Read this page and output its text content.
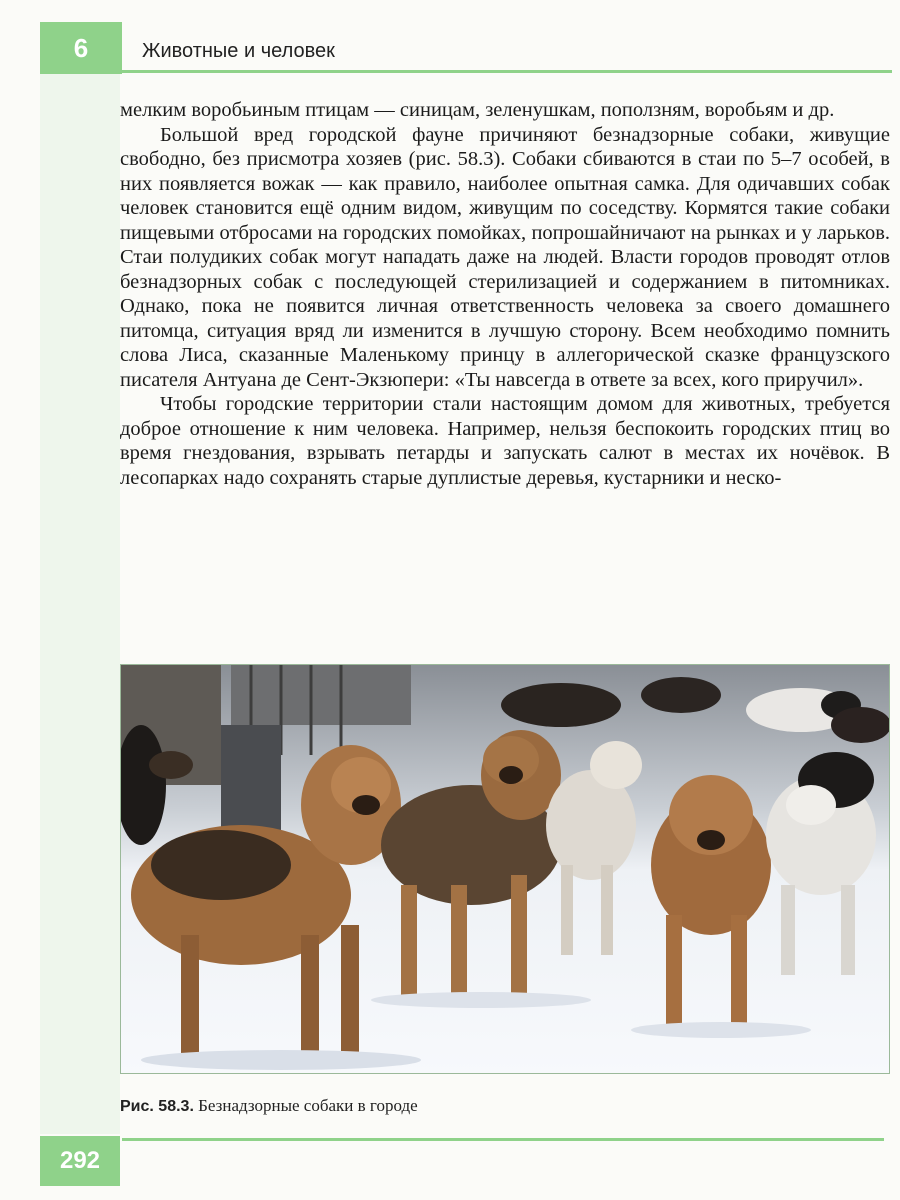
6	Животные и человек

мелким воробьиным птицам — синицам, зеленушкам, поползням, воробьям и др.

Большой вред городской фауне причиняют безнадзорные собаки, живущие свободно, без присмотра хозяев (рис. 58.3). Собаки сбиваются в стаи по 5–7 особей, в них появляется вожак — как правило, наиболее опытная самка. Для одичавших собак человек становится ещё одним видом, живущим по соседству. Кормятся такие собаки пищевыми отбросами на городских помойках, попрошайничают на рынках и у ларьков. Стаи полудиких собак могут нападать даже на людей. Власти городов проводят отлов безнадзорных собак с последующей стерилизацией и содержанием в питомниках. Однако, пока не появится личная ответственность человека за своего домашнего питомца, ситуация вряд ли изменится в лучшую сторону. Всем необходимо помнить слова Лиса, сказанные Маленькому принцу в аллегорической сказке французского писателя Антуана де Сент-Экзюпери: «Ты навсегда в ответе за всех, кого приручил».

Чтобы городские территории стали настоящим домом для животных, требуется доброе отношение к ним человека. Например, нельзя беспокоить городских птиц во время гнездования, взрывать петарды и запускать салют в местах их ночёвок. В лесопарках надо сохранять старые дуплистые деревья, кустарники и неско-

Рис. 58.3. Безнадзорные собаки в городе
292
